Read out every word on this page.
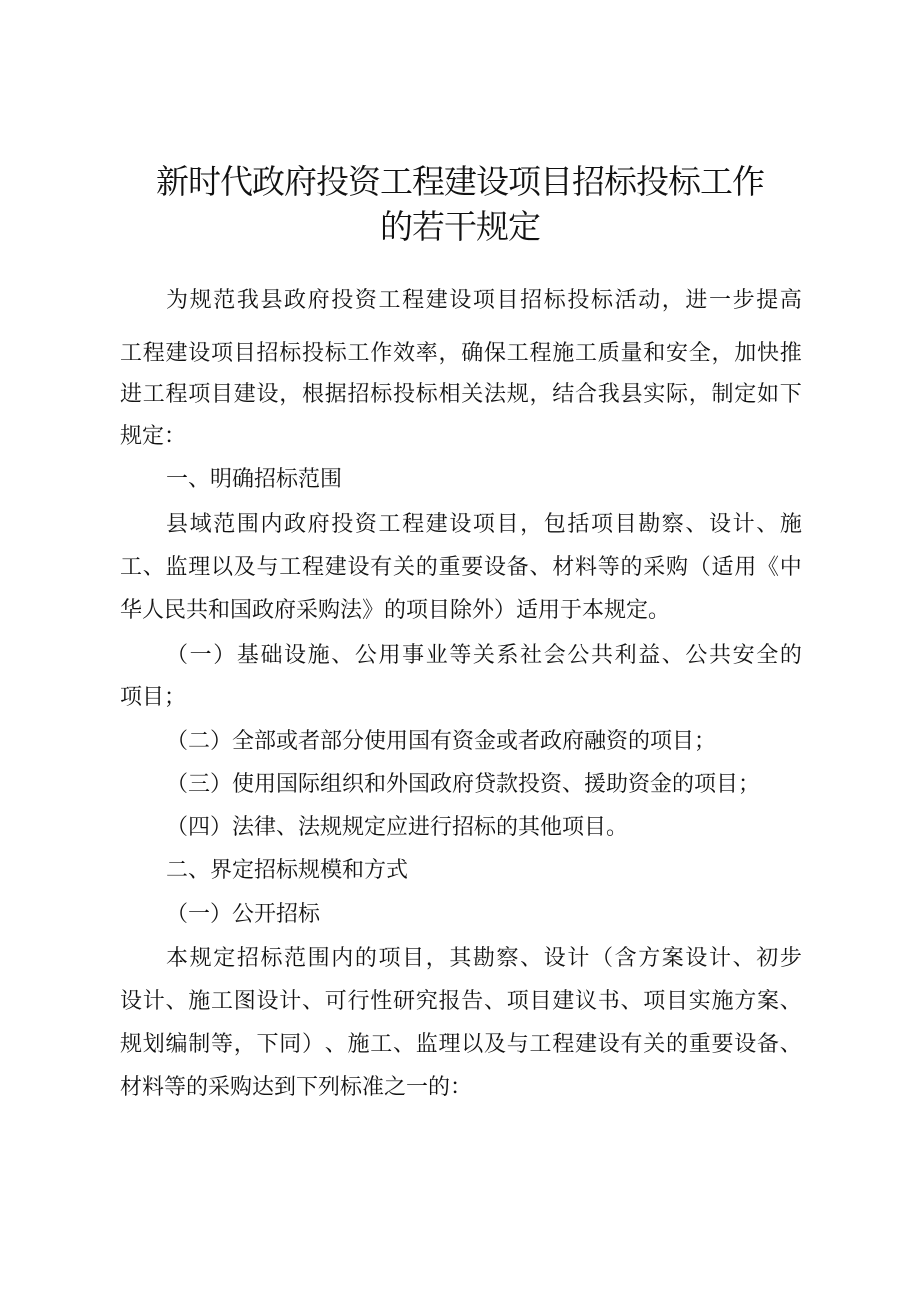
新时代政府投资工程建设项目招标投标工作
的若干规定
为 规 范 我 县 政 府 投 资 工 程 建 设 项 目 招 标 投 标 活 动 ， 进 一 步 提 高
工 程 建 设 项 目 招 标 投 标 工 作 效 率 ， 确 保 工 程 施 工 质 量 和 安 全 ， 加 快 推
进 工 程 项 目 建 设 ， 根 据 招 标 投 标 相 关 法 规 ， 结 合 我 县 实 际 ， 制 定 如 下
规定：
一、明确招标范围
县 域 范 围 内 政 府 投 资 工 程 建 设 项 目 ， 包 括 项 目 勘 察 、 设 计 、 施
工 、 监 理 以 及 与 工 程 建 设 有 关 的 重 要 设 备 、 材 料 等 的 采 购 （ 适 用 《 中
华人民共和国政府采购法》的项目除外）适用于本规定。
（ 一 ） 基 础 设 施 、 公 用 事 业 等 关 系 社 会 公 共 利 益 、 公 共 安 全 的
项目；
（二）全部或者部分使用国有资金或者政府融资的项目；
（三）使用国际组织和外国政府贷款投资、援助资金的项目；
（四）法律、法规规定应进行招标的其他项目。
二、界定招标规模和方式
（一）公开招标
本 规 定 招 标 范 围 内 的 项 目 ， 其 勘 察 、 设 计 （ 含 方 案 设 计 、 初 步
设 计 、 施 工 图 设 计 、 可 行 性 研 究 报 告 、 项 目 建 议 书 、 项 目 实 施 方 案 、
规 划 编 制 等 ， 下 同 ） 、 施 工 、 监 理 以 及 与 工 程 建 设 有 关 的 重 要 设 备 、
材料等的采购达到下列标准之一的：
